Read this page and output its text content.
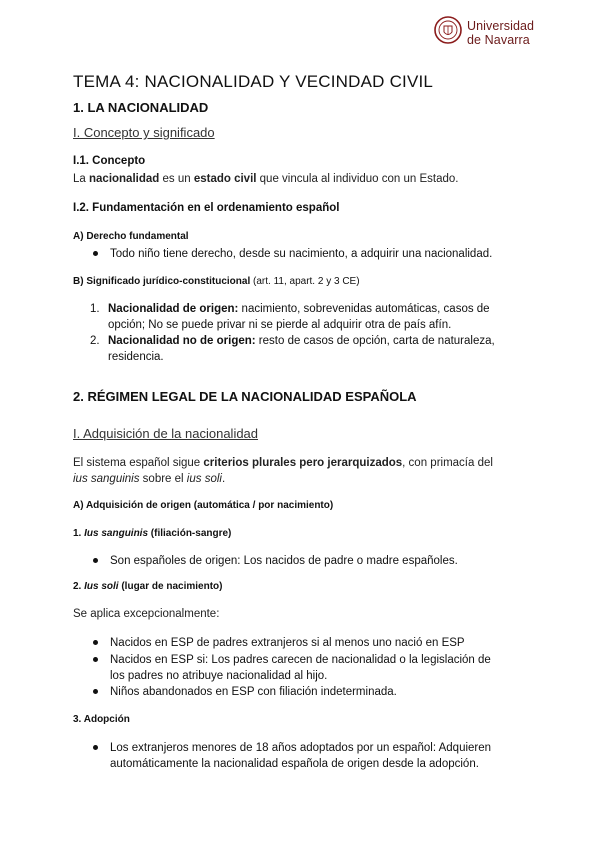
Universidad
de Navarra
TEMA 4: NACIONALIDAD Y VECINDAD CIVIL
1. LA NACIONALIDAD
I. Concepto y significado
I.1. Concepto
La nacionalidad es un estado civil que vincula al individuo con un Estado.
I.2. Fundamentación en el ordenamiento español
A) Derecho fundamental
Todo niño tiene derecho, desde su nacimiento, a adquirir una nacionalidad.
B) Significado jurídico-constitucional (art. 11, apart. 2 y 3 CE)
1. Nacionalidad de origen: nacimiento, sobrevenidas automáticas, casos de
opción; No se puede privar ni se pierde al adquirir otra de país afín.
2. Nacionalidad no de origen: resto de casos de opción, carta de naturaleza,
residencia.
2. RÉGIMEN LEGAL DE LA NACIONALIDAD ESPAÑOLA
I. Adquisición de la nacionalidad
El sistema español sigue criterios plurales pero jerarquizados, con primacía del
ius sanguinis sobre el ius soli.
A) Adquisición de origen (automática / por nacimiento)
1. Ius sanguinis (filiación-sangre)
Son españoles de origen: Los nacidos de padre o madre españoles.
2. Ius soli (lugar de nacimiento)
Se aplica excepcionalmente:
Nacidos en ESP de padres extranjeros si al menos uno nació en ESP
Nacidos en ESP si: Los padres carecen de nacionalidad o la legislación de
los padres no atribuye nacionalidad al hijo.
Niños abandonados en ESP con filiación indeterminada.
3. Adopción
Los extranjeros menores de 18 años adoptados por un español: Adquieren
automáticamente la nacionalidad española de origen desde la adopción.
